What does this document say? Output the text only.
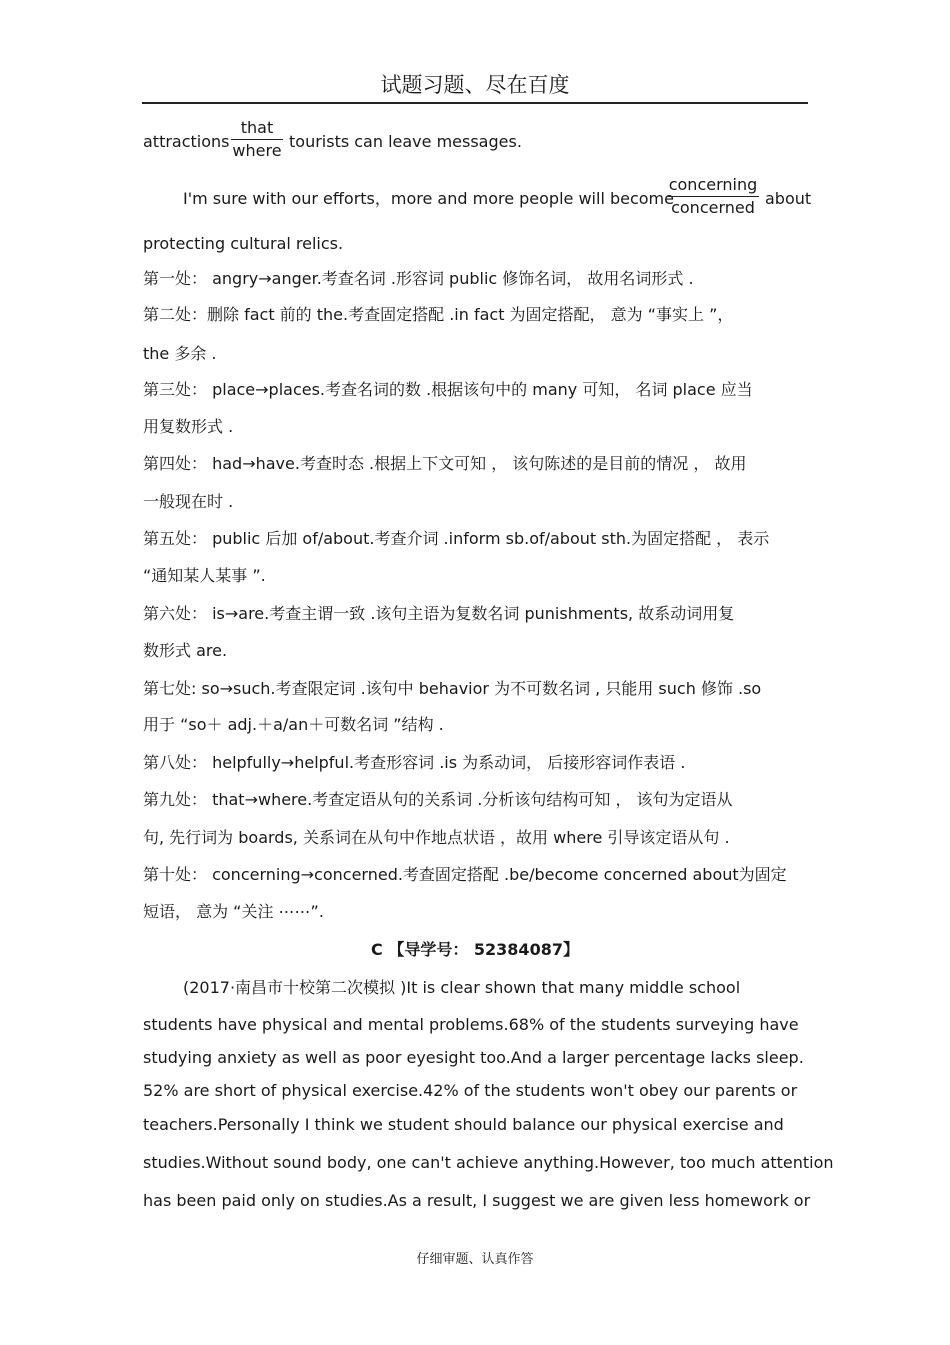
试题习题、尽在百度
attractions
that
where tourists can leave messages.
I'm sure with our efforts，more and more people will become
concerning
concerned about
protecting cultural relics.
第一处： angry→anger.考查名词 .形容词 public 修饰名词， 故用名词形式 .
第二处：删除 fact 前的 the.考查固定搭配 .in fact 为固定搭配， 意为 “事实上 ”，
the 多余 .
第三处： place→places.考查名词的数 .根据该句中的 many 可知， 名词 place 应当
用复数形式 .
第四处： had→have.考查时态 .根据上下文可知 ， 该句陈述的是目前的情况 ， 故用
一般现在时 .
第五处： public 后加 of/about.考查介词 .inform sb.of/about sth.为固定搭配 ， 表示
“通知某人某事 ”.
第六处： is→are.考查主谓一致 .该句主语为复数名词 punishments, 故系动词用复
数形式 are.
第七处: so→such.考查限定词 .该句中 behavior 为不可数名词 , 只能用 such 修饰 .so
用于 “so＋ adj.＋a/an＋可数名词 ”结构 .
第八处： helpfully→helpful.考查形容词 .is 为系动词， 后接形容词作表语 .
第九处： that→where.考查定语从句的关系词 .分析该句结构可知 ， 该句为定语从
句, 先行词为 boards, 关系词在从句中作地点状语 ，故用 where 引导该定语从句 .
第十处： concerning→concerned.考查固定搭配 .be/become concerned about为固定
短语， 意为 “关注 ⋯⋯”.
C 【导学号： 52384087】
(2017·南昌市十校第二次模拟 )It is clear shown that many middle school
students have physical and mental problems.68% of the students surveying have
studying anxiety as well as poor eyesight too.And a larger percentage lacks sleep.
52% are short of physical exercise.42% of the students won't obey our parents or
teachers.Personally I think we student should balance our physical exercise and
studies.Without sound body, one can't achieve anything.However, too much attention
has been paid only on studies.As a result, I suggest we are given less homework or
仔细审题、认真作答
